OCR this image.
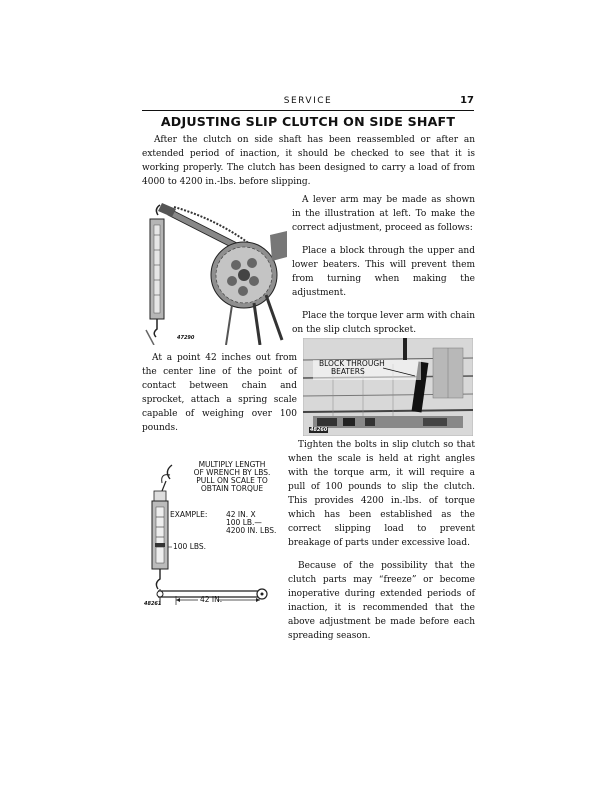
SERVICE	17
ADJUSTING SLIP CLUTCH ON SIDE SHAFT

After the clutch on side shaft has been reassembled or after an extended period of inaction, it should be checked to see that it is working properly. The clutch has been designed to carry a load of from 4000 to 4200 in.-lbs. before slipping.

47290

A lever arm may be made as shown in the illustration at left. To make the correct adjustment, proceed as follows:

Place a block through the upper and lower beaters. This will prevent them from turning when making the adjustment.

Place the torque lever arm with chain on the slip clutch sprocket.

At a point 42 inches out from the center line of the point of contact between chain and sprocket, attach a spring scale capable of weighing over 100 pounds.

BLOCK THROUGH
BEATERS
48260

Tighten the bolts in slip clutch so that when the scale is held at right angles with the torque arm, it will require a pull of 100 pounds to slip the clutch. This provides 4200 in.-lbs. of torque which has been established as the correct slipping load to prevent breakage of parts under excessive load.

Because of the possibility that the clutch parts may “freeze” or become inoperative during extended periods of inaction, it is recommended that the above adjustment be made before each spreading season.

MULTIPLY LENGTH
OF WRENCH BY LBS.
PULL ON SCALE TO
OBTAIN TORQUE
EXAMPLE: 42 IN. X
100 LB.—
4200 IN. LBS.
100 LBS.
42 IN.
48261
